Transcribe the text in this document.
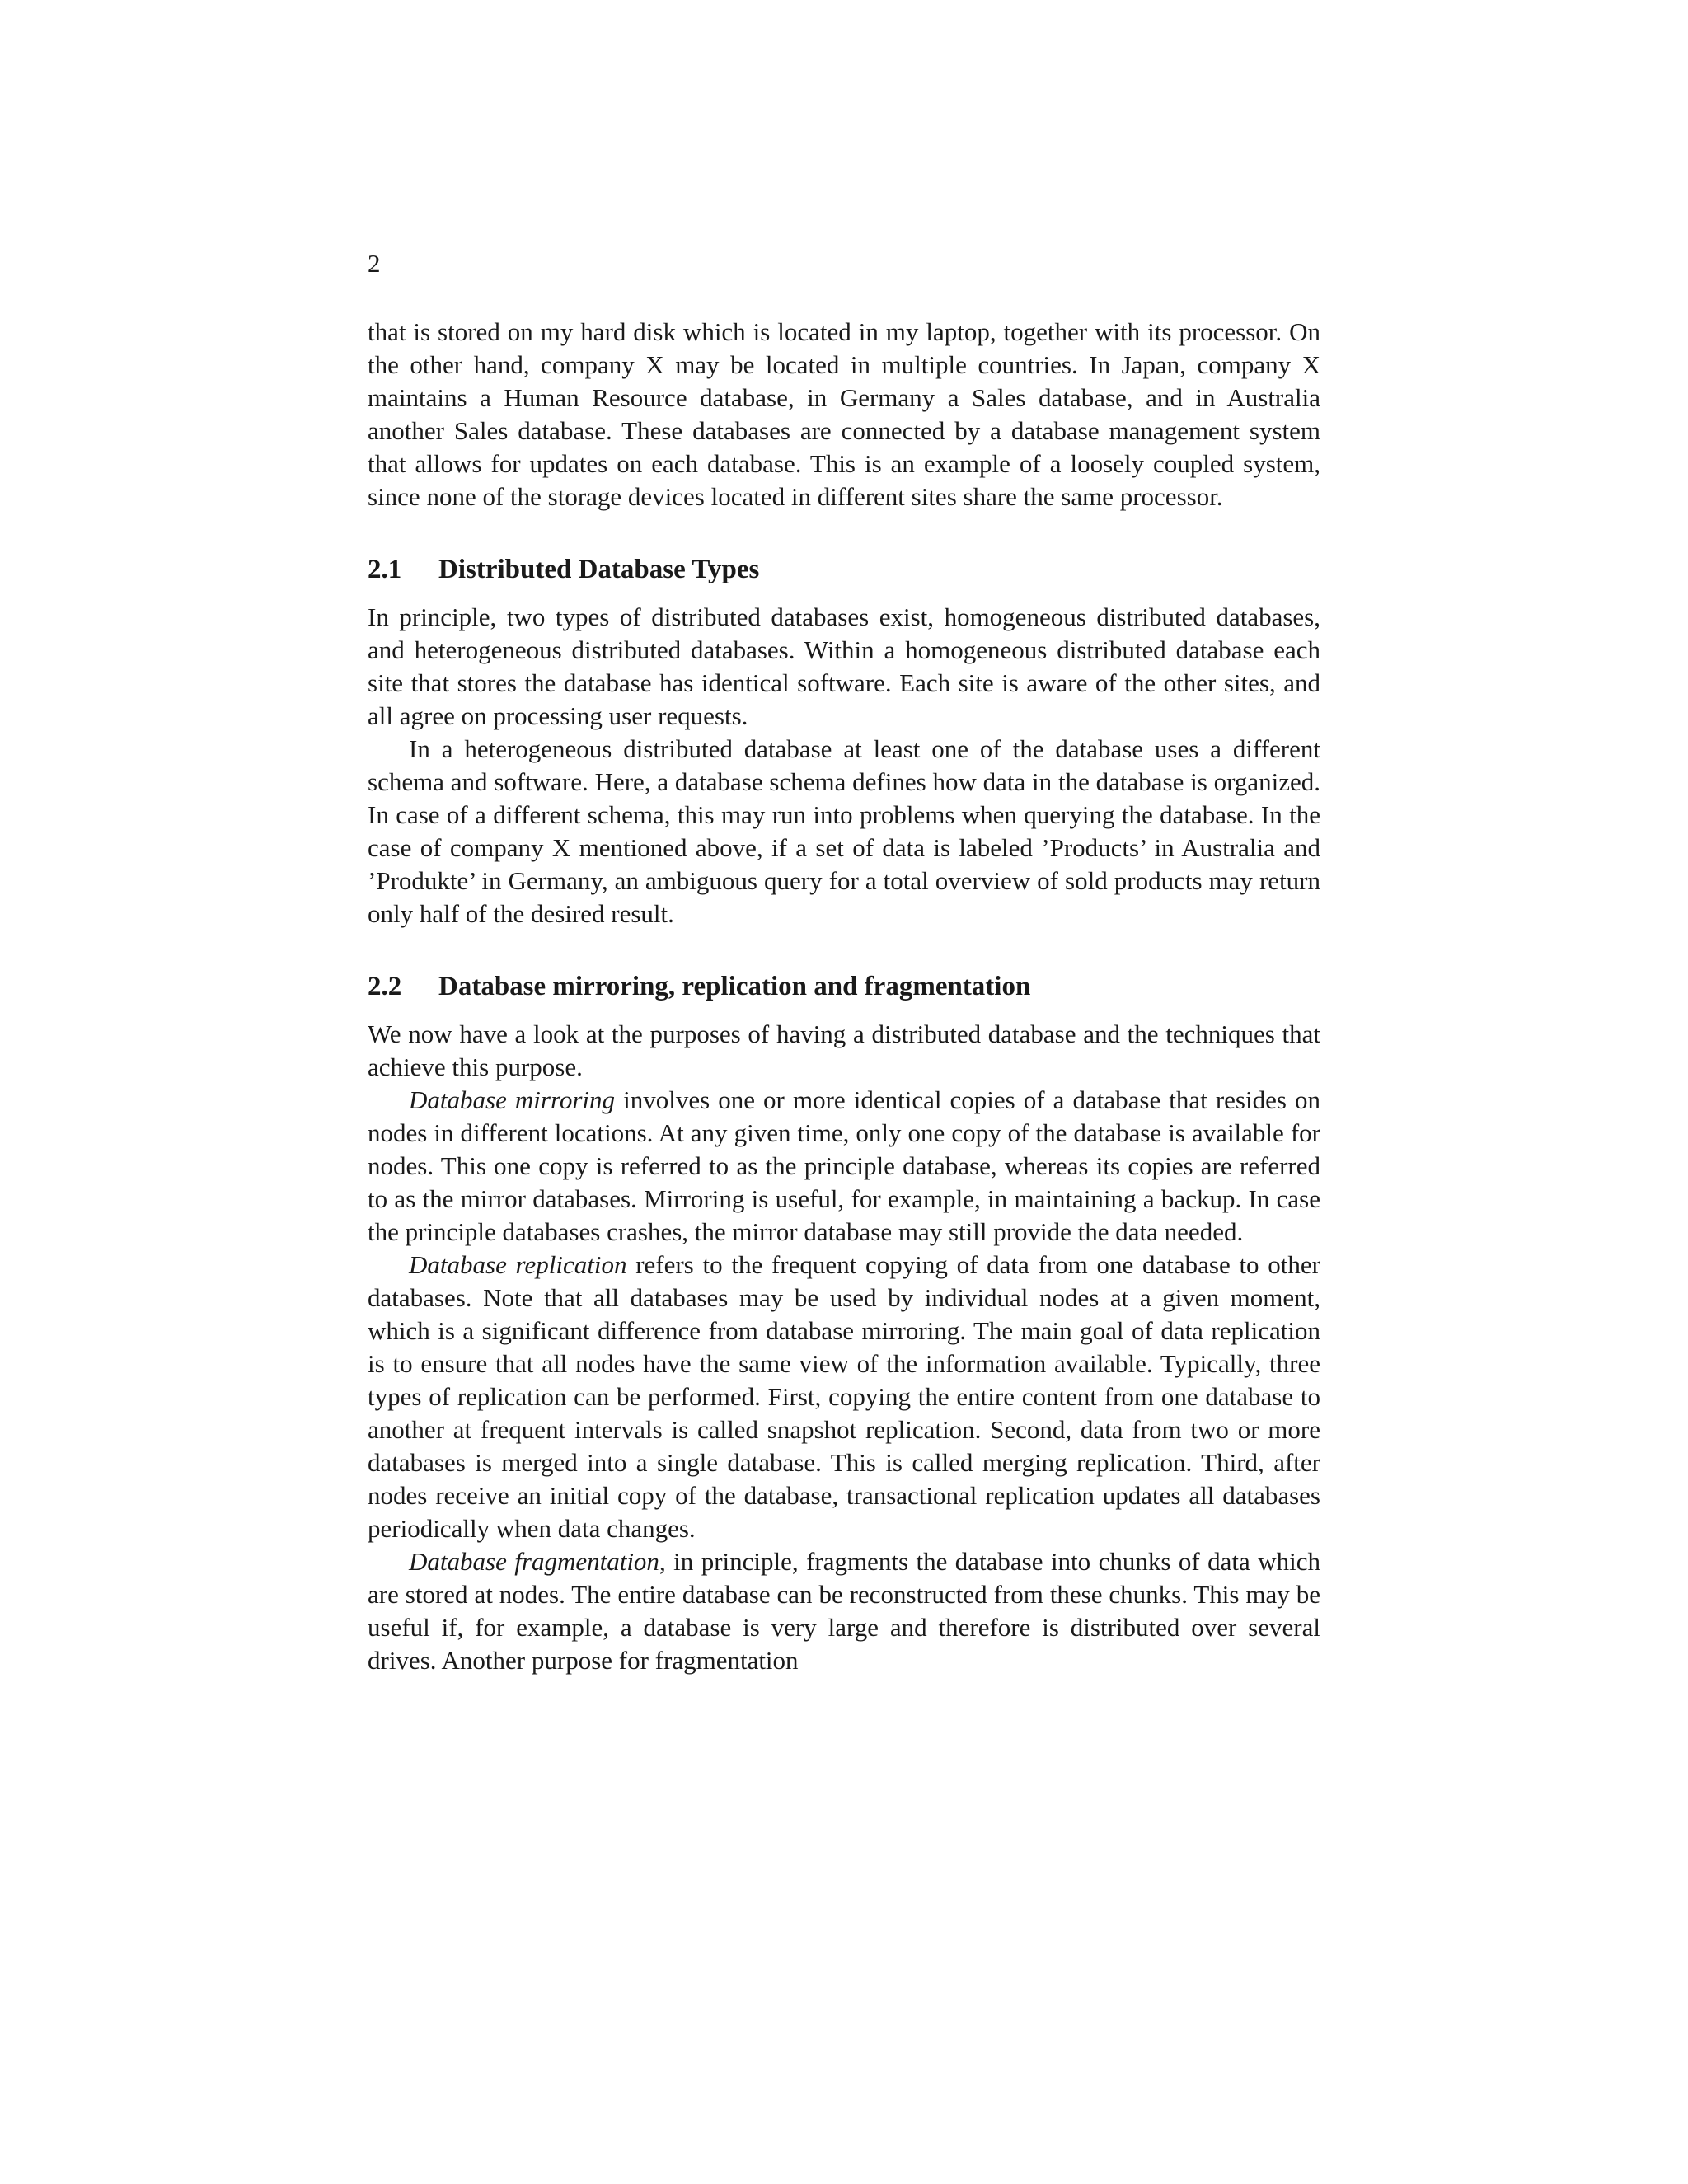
2

that is stored on my hard disk which is located in my laptop, together with its processor. On the other hand, company X may be located in multiple countries. In Japan, company X maintains a Human Resource database, in Germany a Sales database, and in Australia another Sales database. These databases are connected by a database management system that allows for updates on each database. This is an example of a loosely coupled system, since none of the storage devices located in different sites share the same processor.

2.1 Distributed Database Types

In principle, two types of distributed databases exist, homogeneous distributed databases, and heterogeneous distributed databases. Within a homogeneous distributed database each site that stores the database has identical software. Each site is aware of the other sites, and all agree on processing user requests.

In a heterogeneous distributed database at least one of the database uses a different schema and software. Here, a database schema defines how data in the database is organized. In case of a different schema, this may run into problems when querying the database. In the case of company X mentioned above, if a set of data is labeled ’Products’ in Australia and ’Produkte’ in Germany, an ambiguous query for a total overview of sold products may return only half of the desired result.

2.2 Database mirroring, replication and fragmentation

We now have a look at the purposes of having a distributed database and the techniques that achieve this purpose.

Database mirroring involves one or more identical copies of a database that resides on nodes in different locations. At any given time, only one copy of the database is available for nodes. This one copy is referred to as the principle database, whereas its copies are referred to as the mirror databases. Mirroring is useful, for example, in maintaining a backup. In case the principle databases crashes, the mirror database may still provide the data needed.

Database replication refers to the frequent copying of data from one database to other databases. Note that all databases may be used by individual nodes at a given moment, which is a significant difference from database mirroring. The main goal of data replication is to ensure that all nodes have the same view of the information available. Typically, three types of replication can be performed. First, copying the entire content from one database to another at frequent intervals is called snapshot replication. Second, data from two or more databases is merged into a single database. This is called merging replication. Third, after nodes receive an initial copy of the database, transactional replication updates all databases periodically when data changes.

Database fragmentation, in principle, fragments the database into chunks of data which are stored at nodes. The entire database can be reconstructed from these chunks. This may be useful if, for example, a database is very large and therefore is distributed over several drives. Another purpose for fragmentation
